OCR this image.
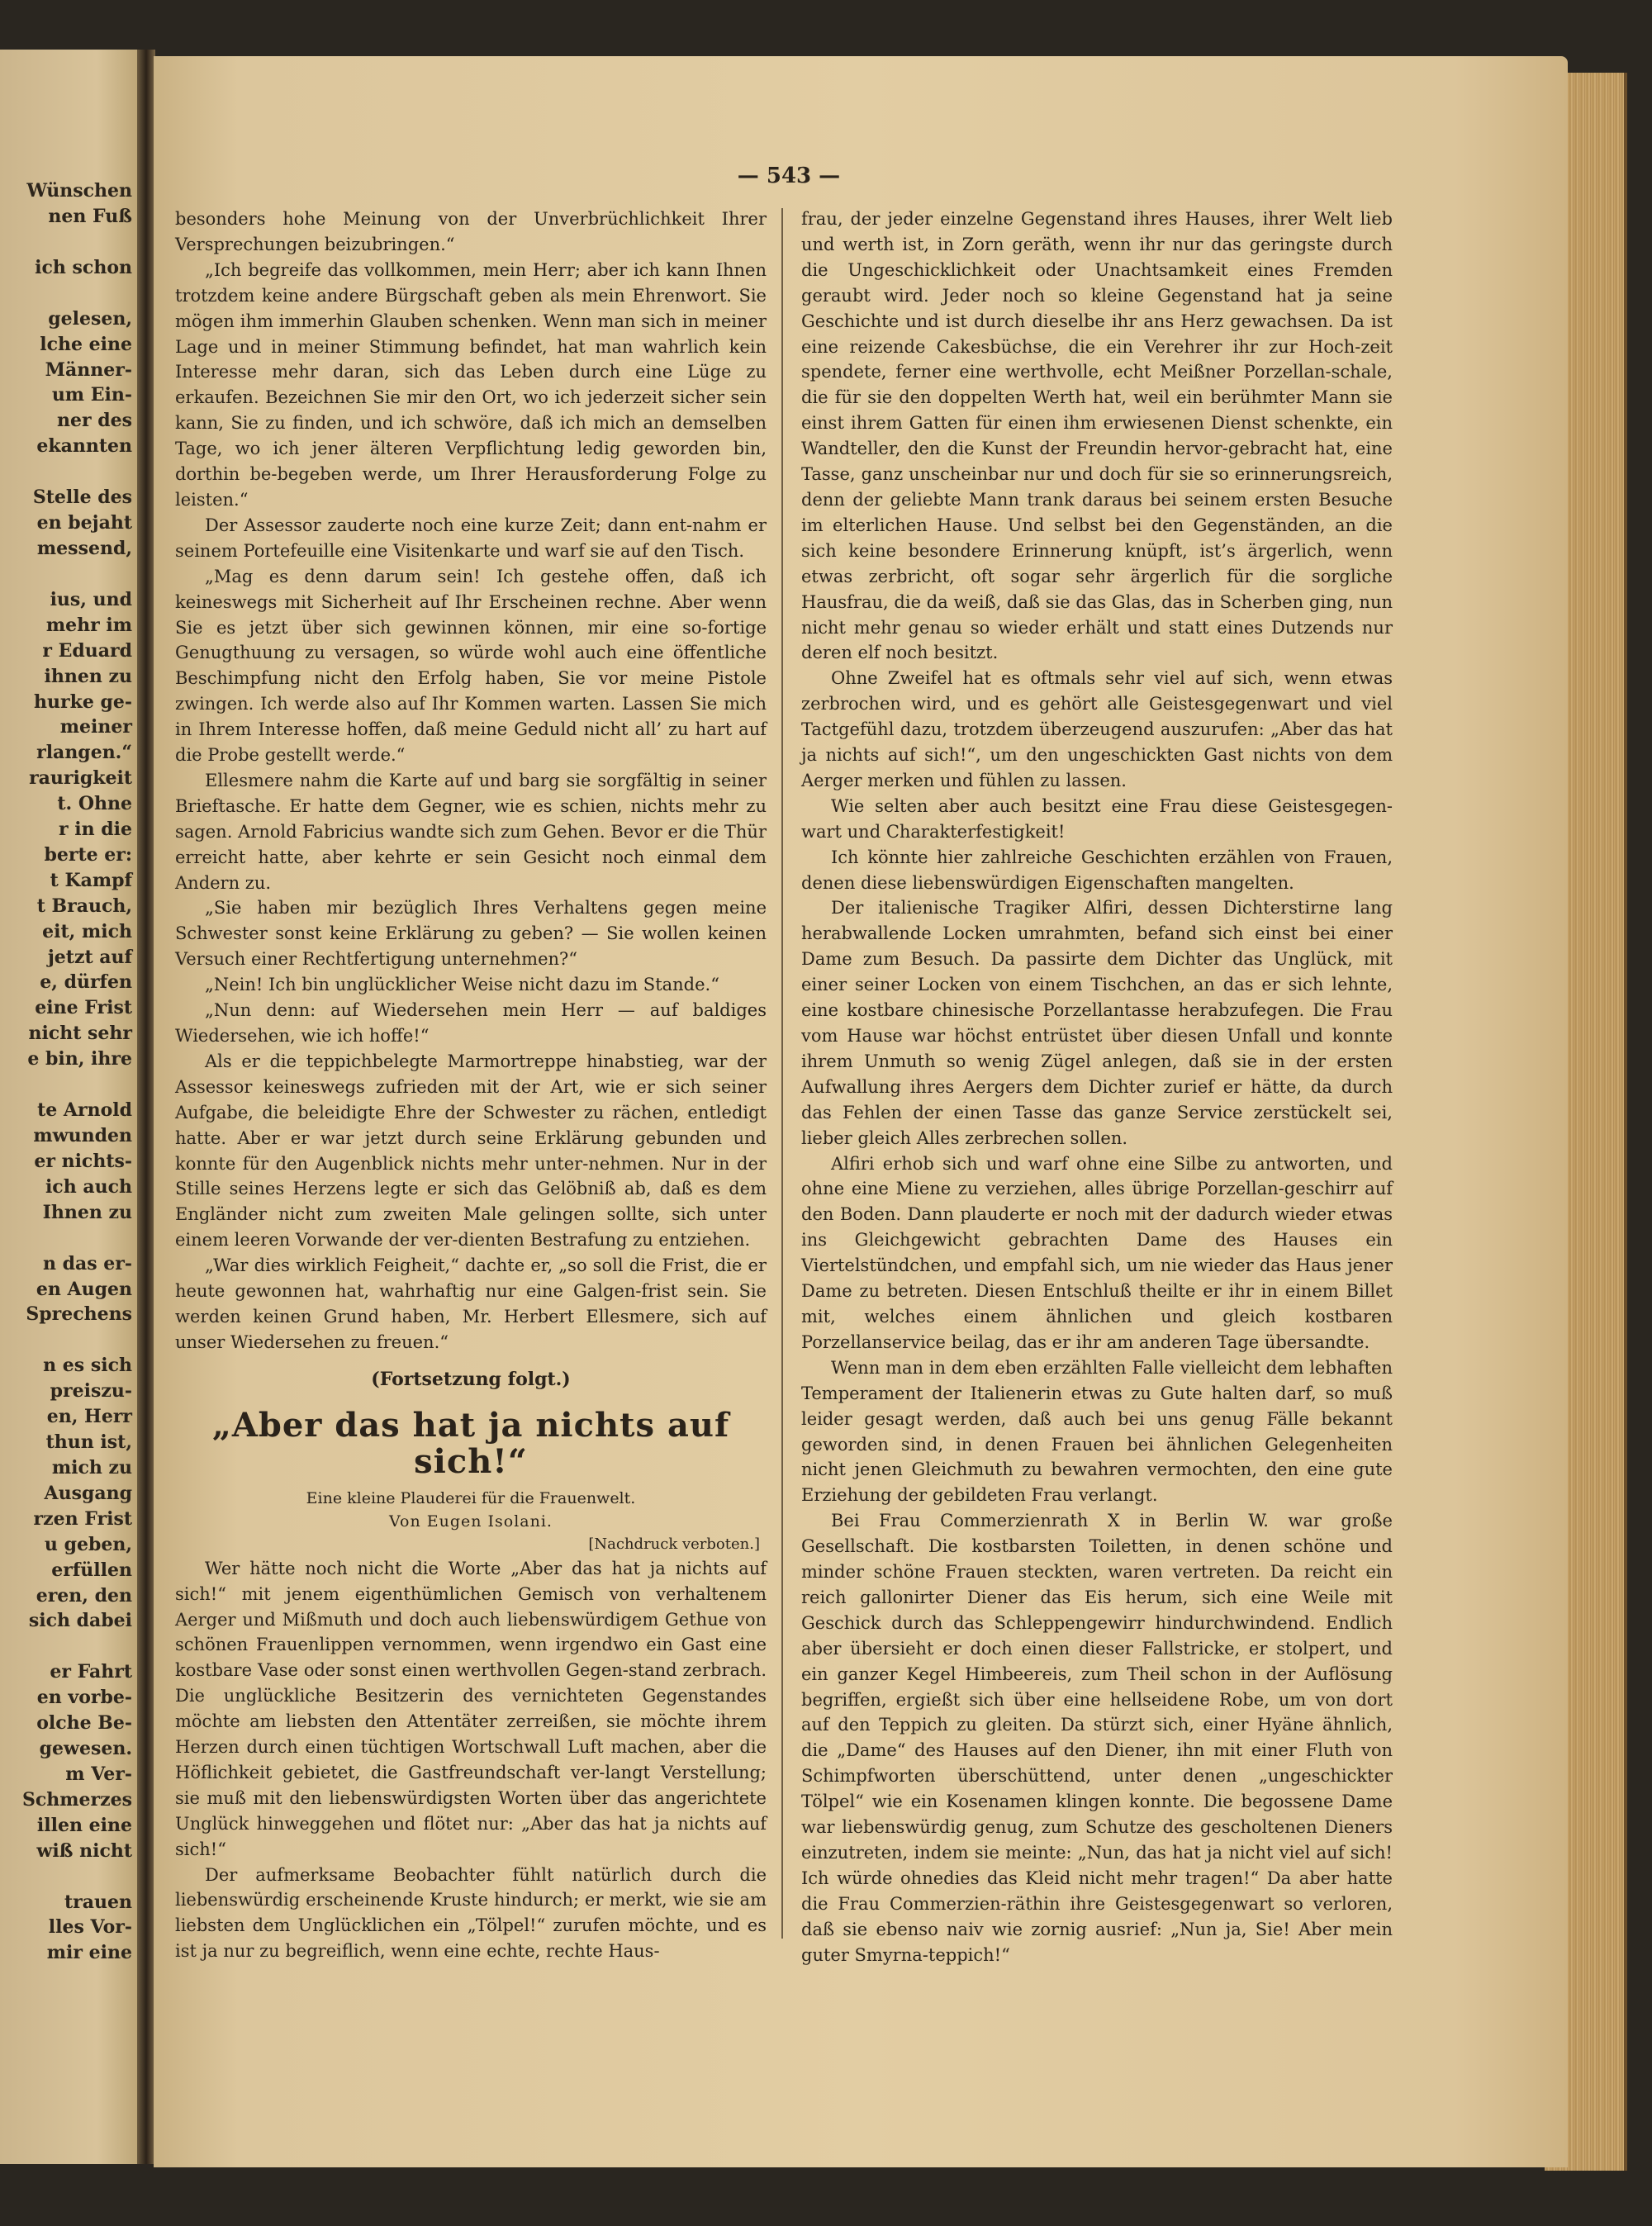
Wünschen
nen Fuß
ich schon
gelesen,
lche eine
Männer-
um Ein-
ner des
ekannten
Stelle des
en bejaht
messend,
ius, und
mehr im
r Eduard
ihnen zu
hurke ge-
meiner
rlangen.“
raurigkeit
t. Ohne
r in die
berte er:
t Kampf
t Brauch,
eit, mich
jetzt auf
e, dürfen
eine Frist
nicht sehr
e bin, ihre
te Arnold
mwunden
er nichts-
ich auch
Ihnen zu
n das er-
en Augen
Sprechens
n es sich
preiszu-
en, Herr
thun ist,
mich zu
Ausgang
rzen Frist
u geben,
erfüllen
eren, den
sich dabei
er Fahrt
en vorbe-
olche Be-
gewesen.
m Ver-
Schmerzes
illen eine
wiß nicht
trauen
lles Vor-
mir eine
— 543 —

besonders hohe Meinung von der Unverbrüchlichkeit Ihrer Versprechungen beizubringen.“

„Ich begreife das vollkommen, mein Herr; aber ich kann Ihnen trotzdem keine andere Bürgschaft geben als mein Ehrenwort. Sie mögen ihm immerhin Glauben schenken. Wenn man sich in meiner Lage und in meiner Stimmung befindet, hat man wahrlich kein Interesse mehr daran, sich das Leben durch eine Lüge zu erkaufen. Bezeichnen Sie mir den Ort, wo ich jederzeit sicher sein kann, Sie zu finden, und ich schwöre, daß ich mich an demselben Tage, wo ich jener älteren Verpflichtung ledig geworden bin, dorthin be-begeben werde, um Ihrer Herausforderung Folge zu leisten.“

Der Assessor zauderte noch eine kurze Zeit; dann ent-nahm er seinem Portefeuille eine Visitenkarte und warf sie auf den Tisch.

„Mag es denn darum sein! Ich gestehe offen, daß ich keineswegs mit Sicherheit auf Ihr Erscheinen rechne. Aber wenn Sie es jetzt über sich gewinnen können, mir eine so-fortige Genugthuung zu versagen, so würde wohl auch eine öffentliche Beschimpfung nicht den Erfolg haben, Sie vor meine Pistole zwingen. Ich werde also auf Ihr Kommen warten. Lassen Sie mich in Ihrem Interesse hoffen, daß meine Geduld nicht all’ zu hart auf die Probe gestellt werde.“

Ellesmere nahm die Karte auf und barg sie sorgfältig in seiner Brieftasche. Er hatte dem Gegner, wie es schien, nichts mehr zu sagen. Arnold Fabricius wandte sich zum Gehen. Bevor er die Thür erreicht hatte, aber kehrte er sein Gesicht noch einmal dem Andern zu.

„Sie haben mir bezüglich Ihres Verhaltens gegen meine Schwester sonst keine Erklärung zu geben? — Sie wollen keinen Versuch einer Rechtfertigung unternehmen?“

„Nein! Ich bin unglücklicher Weise nicht dazu im Stande.“

„Nun denn: auf Wiedersehen mein Herr — auf baldiges Wiedersehen, wie ich hoffe!“

Als er die teppichbelegte Marmortreppe hinabstieg, war der Assessor keineswegs zufrieden mit der Art, wie er sich seiner Aufgabe, die beleidigte Ehre der Schwester zu rächen, entledigt hatte. Aber er war jetzt durch seine Erklärung gebunden und konnte für den Augenblick nichts mehr unter-nehmen. Nur in der Stille seines Herzens legte er sich das Gelöbniß ab, daß es dem Engländer nicht zum zweiten Male gelingen sollte, sich unter einem leeren Vorwande der ver-dienten Bestrafung zu entziehen.

„War dies wirklich Feigheit,“ dachte er, „so soll die Frist, die er heute gewonnen hat, wahrhaftig nur eine Galgen-frist sein. Sie werden keinen Grund haben, Mr. Herbert Ellesmere, sich auf unser Wiedersehen zu freuen.“

(Fortsetzung folgt.)

„Aber das hat ja nichts auf sich!“

Eine kleine Plauderei für die Frauenwelt.

Von Eugen Isolani.

[Nachdruck verboten.]

Wer hätte noch nicht die Worte „Aber das hat ja nichts auf sich!“ mit jenem eigenthümlichen Gemisch von verhaltenem Aerger und Mißmuth und doch auch liebenswürdigem Gethue von schönen Frauenlippen vernommen, wenn irgendwo ein Gast eine kostbare Vase oder sonst einen werthvollen Gegen-stand zerbrach. Die unglückliche Besitzerin des vernichteten Gegenstandes möchte am liebsten den Attentäter zerreißen, sie möchte ihrem Herzen durch einen tüchtigen Wortschwall Luft machen, aber die Höflichkeit gebietet, die Gastfreundschaft ver-langt Verstellung; sie muß mit den liebenswürdigsten Worten über das angerichtete Unglück hinweggehen und flötet nur: „Aber das hat ja nichts auf sich!“

Der aufmerksame Beobachter fühlt natürlich durch die liebenswürdig erscheinende Kruste hindurch; er merkt, wie sie am liebsten dem Unglücklichen ein „Tölpel!“ zurufen möchte, und es ist ja nur zu begreiflich, wenn eine echte, rechte Haus-

frau, der jeder einzelne Gegenstand ihres Hauses, ihrer Welt lieb und werth ist, in Zorn geräth, wenn ihr nur das geringste durch die Ungeschicklichkeit oder Unachtsamkeit eines Fremden geraubt wird. Jeder noch so kleine Gegenstand hat ja seine Geschichte und ist durch dieselbe ihr ans Herz gewachsen. Da ist eine reizende Cakesbüchse, die ein Verehrer ihr zur Hoch-zeit spendete, ferner eine werthvolle, echt Meißner Porzellan-schale, die für sie den doppelten Werth hat, weil ein berühmter Mann sie einst ihrem Gatten für einen ihm erwiesenen Dienst schenkte, ein Wandteller, den die Kunst der Freundin hervor-gebracht hat, eine Tasse, ganz unscheinbar nur und doch für sie so erinnerungsreich, denn der geliebte Mann trank daraus bei seinem ersten Besuche im elterlichen Hause. Und selbst bei den Gegenständen, an die sich keine besondere Erinnerung knüpft, ist’s ärgerlich, wenn etwas zerbricht, oft sogar sehr ärgerlich für die sorgliche Hausfrau, die da weiß, daß sie das Glas, das in Scherben ging, nun nicht mehr genau so wieder erhält und statt eines Dutzends nur deren elf noch besitzt.

Ohne Zweifel hat es oftmals sehr viel auf sich, wenn etwas zerbrochen wird, und es gehört alle Geistesgegenwart und viel Tactgefühl dazu, trotzdem überzeugend auszurufen: „Aber das hat ja nichts auf sich!“, um den ungeschickten Gast nichts von dem Aerger merken und fühlen zu lassen.

Wie selten aber auch besitzt eine Frau diese Geistesgegen-wart und Charakterfestigkeit!

Ich könnte hier zahlreiche Geschichten erzählen von Frauen, denen diese liebenswürdigen Eigenschaften mangelten.

Der italienische Tragiker Alfiri, dessen Dichterstirne lang herabwallende Locken umrahmten, befand sich einst bei einer Dame zum Besuch. Da passirte dem Dichter das Unglück, mit einer seiner Locken von einem Tischchen, an das er sich lehnte, eine kostbare chinesische Porzellantasse herabzufegen. Die Frau vom Hause war höchst entrüstet über diesen Unfall und konnte ihrem Unmuth so wenig Zügel anlegen, daß sie in der ersten Aufwallung ihres Aergers dem Dichter zurief er hätte, da durch das Fehlen der einen Tasse das ganze Service zerstückelt sei, lieber gleich Alles zerbrechen sollen.

Alfiri erhob sich und warf ohne eine Silbe zu antworten, und ohne eine Miene zu verziehen, alles übrige Porzellan-geschirr auf den Boden. Dann plauderte er noch mit der dadurch wieder etwas ins Gleichgewicht gebrachten Dame des Hauses ein Viertelstündchen, und empfahl sich, um nie wieder das Haus jener Dame zu betreten. Diesen Entschluß theilte er ihr in einem Billet mit, welches einem ähnlichen und gleich kostbaren Porzellanservice beilag, das er ihr am anderen Tage übersandte.

Wenn man in dem eben erzählten Falle vielleicht dem lebhaften Temperament der Italienerin etwas zu Gute halten darf, so muß leider gesagt werden, daß auch bei uns genug Fälle bekannt geworden sind, in denen Frauen bei ähnlichen Gelegenheiten nicht jenen Gleichmuth zu bewahren vermochten, den eine gute Erziehung der gebildeten Frau verlangt.

Bei Frau Commerzienrath X in Berlin W. war große Gesellschaft. Die kostbarsten Toiletten, in denen schöne und minder schöne Frauen steckten, waren vertreten. Da reicht ein reich gallonirter Diener das Eis herum, sich eine Weile mit Geschick durch das Schleppengewirr hindurchwindend. Endlich aber übersieht er doch einen dieser Fallstricke, er stolpert, und ein ganzer Kegel Himbeereis, zum Theil schon in der Auflösung begriffen, ergießt sich über eine hellseidene Robe, um von dort auf den Teppich zu gleiten. Da stürzt sich, einer Hyäne ähnlich, die „Dame“ des Hauses auf den Diener, ihn mit einer Fluth von Schimpfworten überschüttend, unter denen „ungeschickter Tölpel“ wie ein Kosenamen klingen konnte. Die begossene Dame war liebenswürdig genug, zum Schutze des gescholtenen Dieners einzutreten, indem sie meinte: „Nun, das hat ja nicht viel auf sich! Ich würde ohnedies das Kleid nicht mehr tragen!“ Da aber hatte die Frau Commerzien-räthin ihre Geistesgegenwart so verloren, daß sie ebenso naiv wie zornig ausrief: „Nun ja, Sie! Aber mein guter Smyrna-teppich!“
